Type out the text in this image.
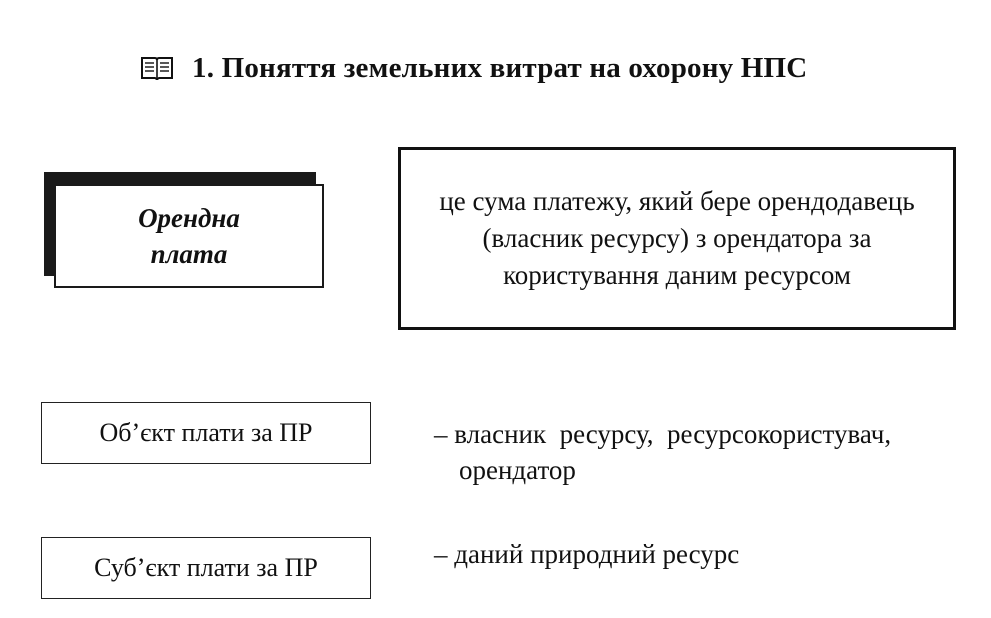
1. Поняття земельних витрат на охорону НПС
Орендна плата
це сума платежу, який бере орендодавець (власник ресурсу) з орендатора за користування даним ресурсом
Об’єкт плати за ПР	– власник  ресурсу,  ресурсокористувач,
орендатор
Суб’єкт плати за ПР	– даний природний ресурс
